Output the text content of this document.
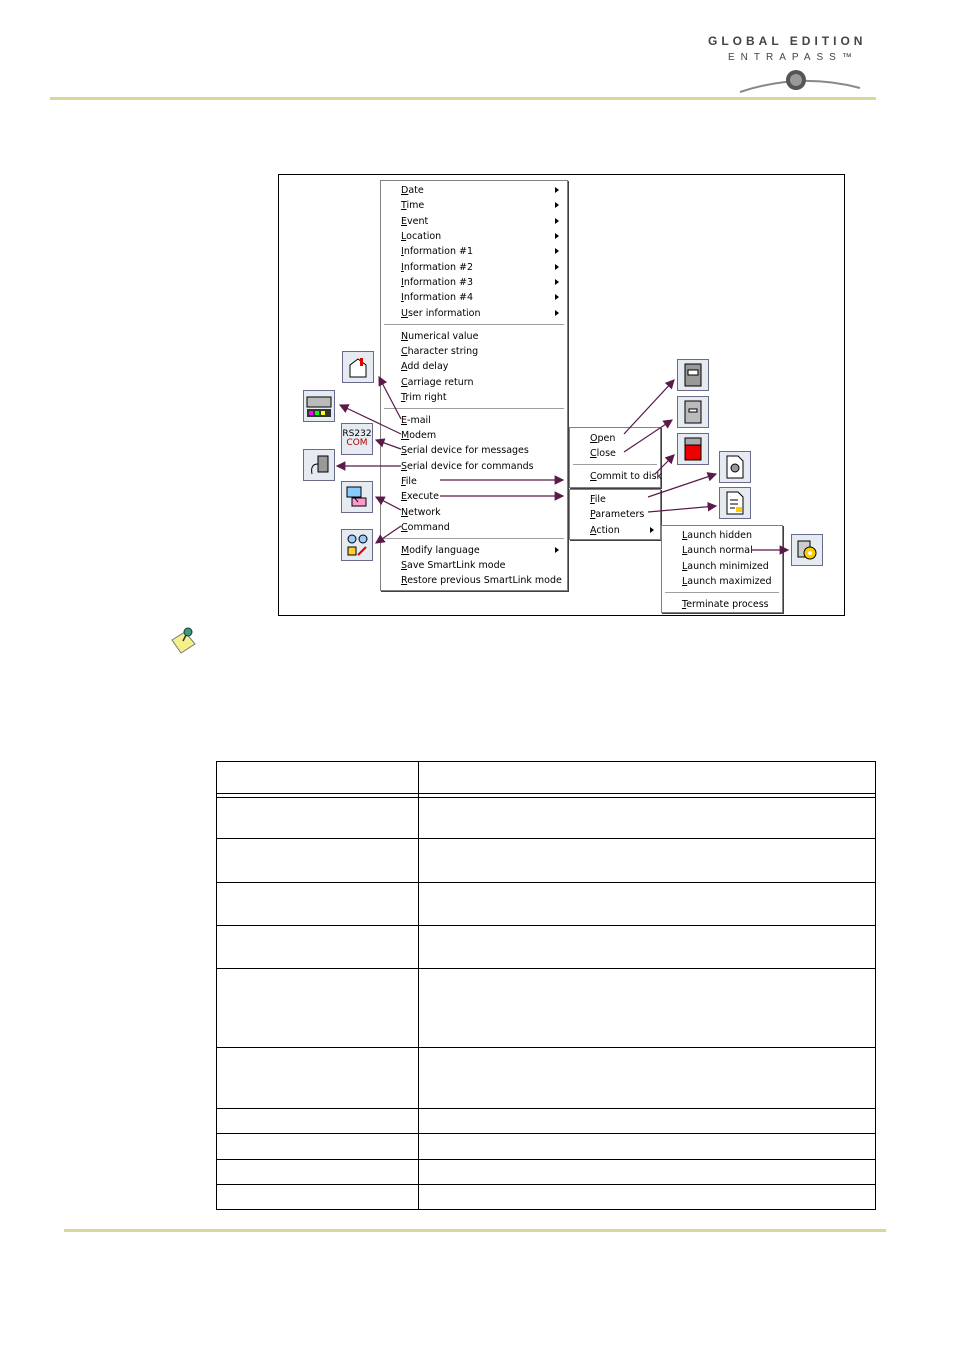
GLOBAL EDITION
ENTRAPASS™
Date
Time
Event
Location
Information #1
Information #2
Information #3
Information #4
User information
Numerical value
Character string
Add delay
Carriage return
Trim right
E-mail
Modem
Serial device for messages
Serial device for commands
File
Execute
Network
Command
Modify language
Save SmartLink mode
Restore previous SmartLink mode
Open
Close
Commit to disk
File
Parameters
Action	Launch hidden
Launch normal
Launch minimized
Launch maximized
Terminate process
RS232
COM
